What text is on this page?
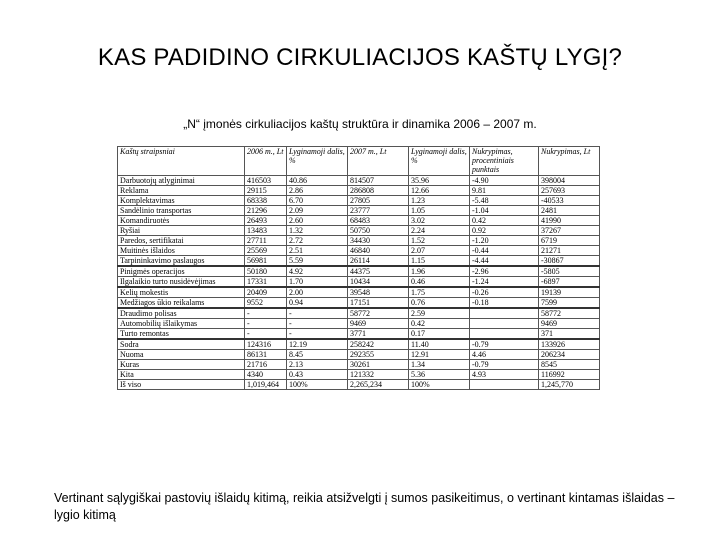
KAS PADIDINO CIRKULIACIJOS KAŠTŲ LYGĮ?
„N“ įmonės cirkuliacijos kaštų struktūra ir dinamika 2006 – 2007 m.
Kaštų straipsniai	2006 m., Lt	Lyginamoji dalis, %	2007 m., Lt	Lyginamoji dalis, %	Nukrypimas, procentiniais punktais	Nukrypimas, Lt
Darbuotojų atlyginimai	416503	40.86	814507	35.96	-4.90	398004
Reklama	29115	2.86	286808	12.66	9.81	257693
Komplektavimas	68338	6.70	27805	1.23	-5.48	-40533
Sandėlinio transportas	21296	2.09	23777	1.05	-1.04	2481
Komandiruotės	26493	2.60	68483	3.02	0.42	41990
Ryšiai	13483	1.32	50750	2.24	0.92	37267
Paredos, sertifikatai	27711	2.72	34430	1.52	-1.20	6719
Muitinės išlaidos	25569	2.51	46840	2.07	-0.44	21271
Tarpininkavimo paslaugos	56981	5.59	26114	1.15	-4.44	-30867
Pinigmės operacijos	50180	4.92	44375	1.96	-2.96	-5805
Ilgalaikio turto nusidėvėjimas	17331	1.70	10434	0.46	-1.24	-6897
Kelių mokestis	20409	2.00	39548	1.75	-0.26	19139
Medžiagos ūkio reikalams	9552	0.94	17151	0.76	-0.18	7599
Draudimo polisas	-	-	58772	2.59		58772
Automobilių išlaikymas	-	-	9469	0.42		9469
Turto remontas	-	-	3771	0.17		371
Sodra	124316	12.19	258242	11.40	-0.79	133926
Nuoma	86131	8.45	292355	12.91	4.46	206234
Kuras	21716	2.13	30261	1.34	-0.79	8545
Kita	4340	0.43	121332	5.36	4.93	116992
Iš viso	1,019,464	100%	2,265,234	100%		1,245,770
Vertinant sąlygiškai pastovių išlaidų kitimą, reikia atsižvelgti į sumos pasikeitimus, o vertinant kintamas išlaidas – lygio kitimą
